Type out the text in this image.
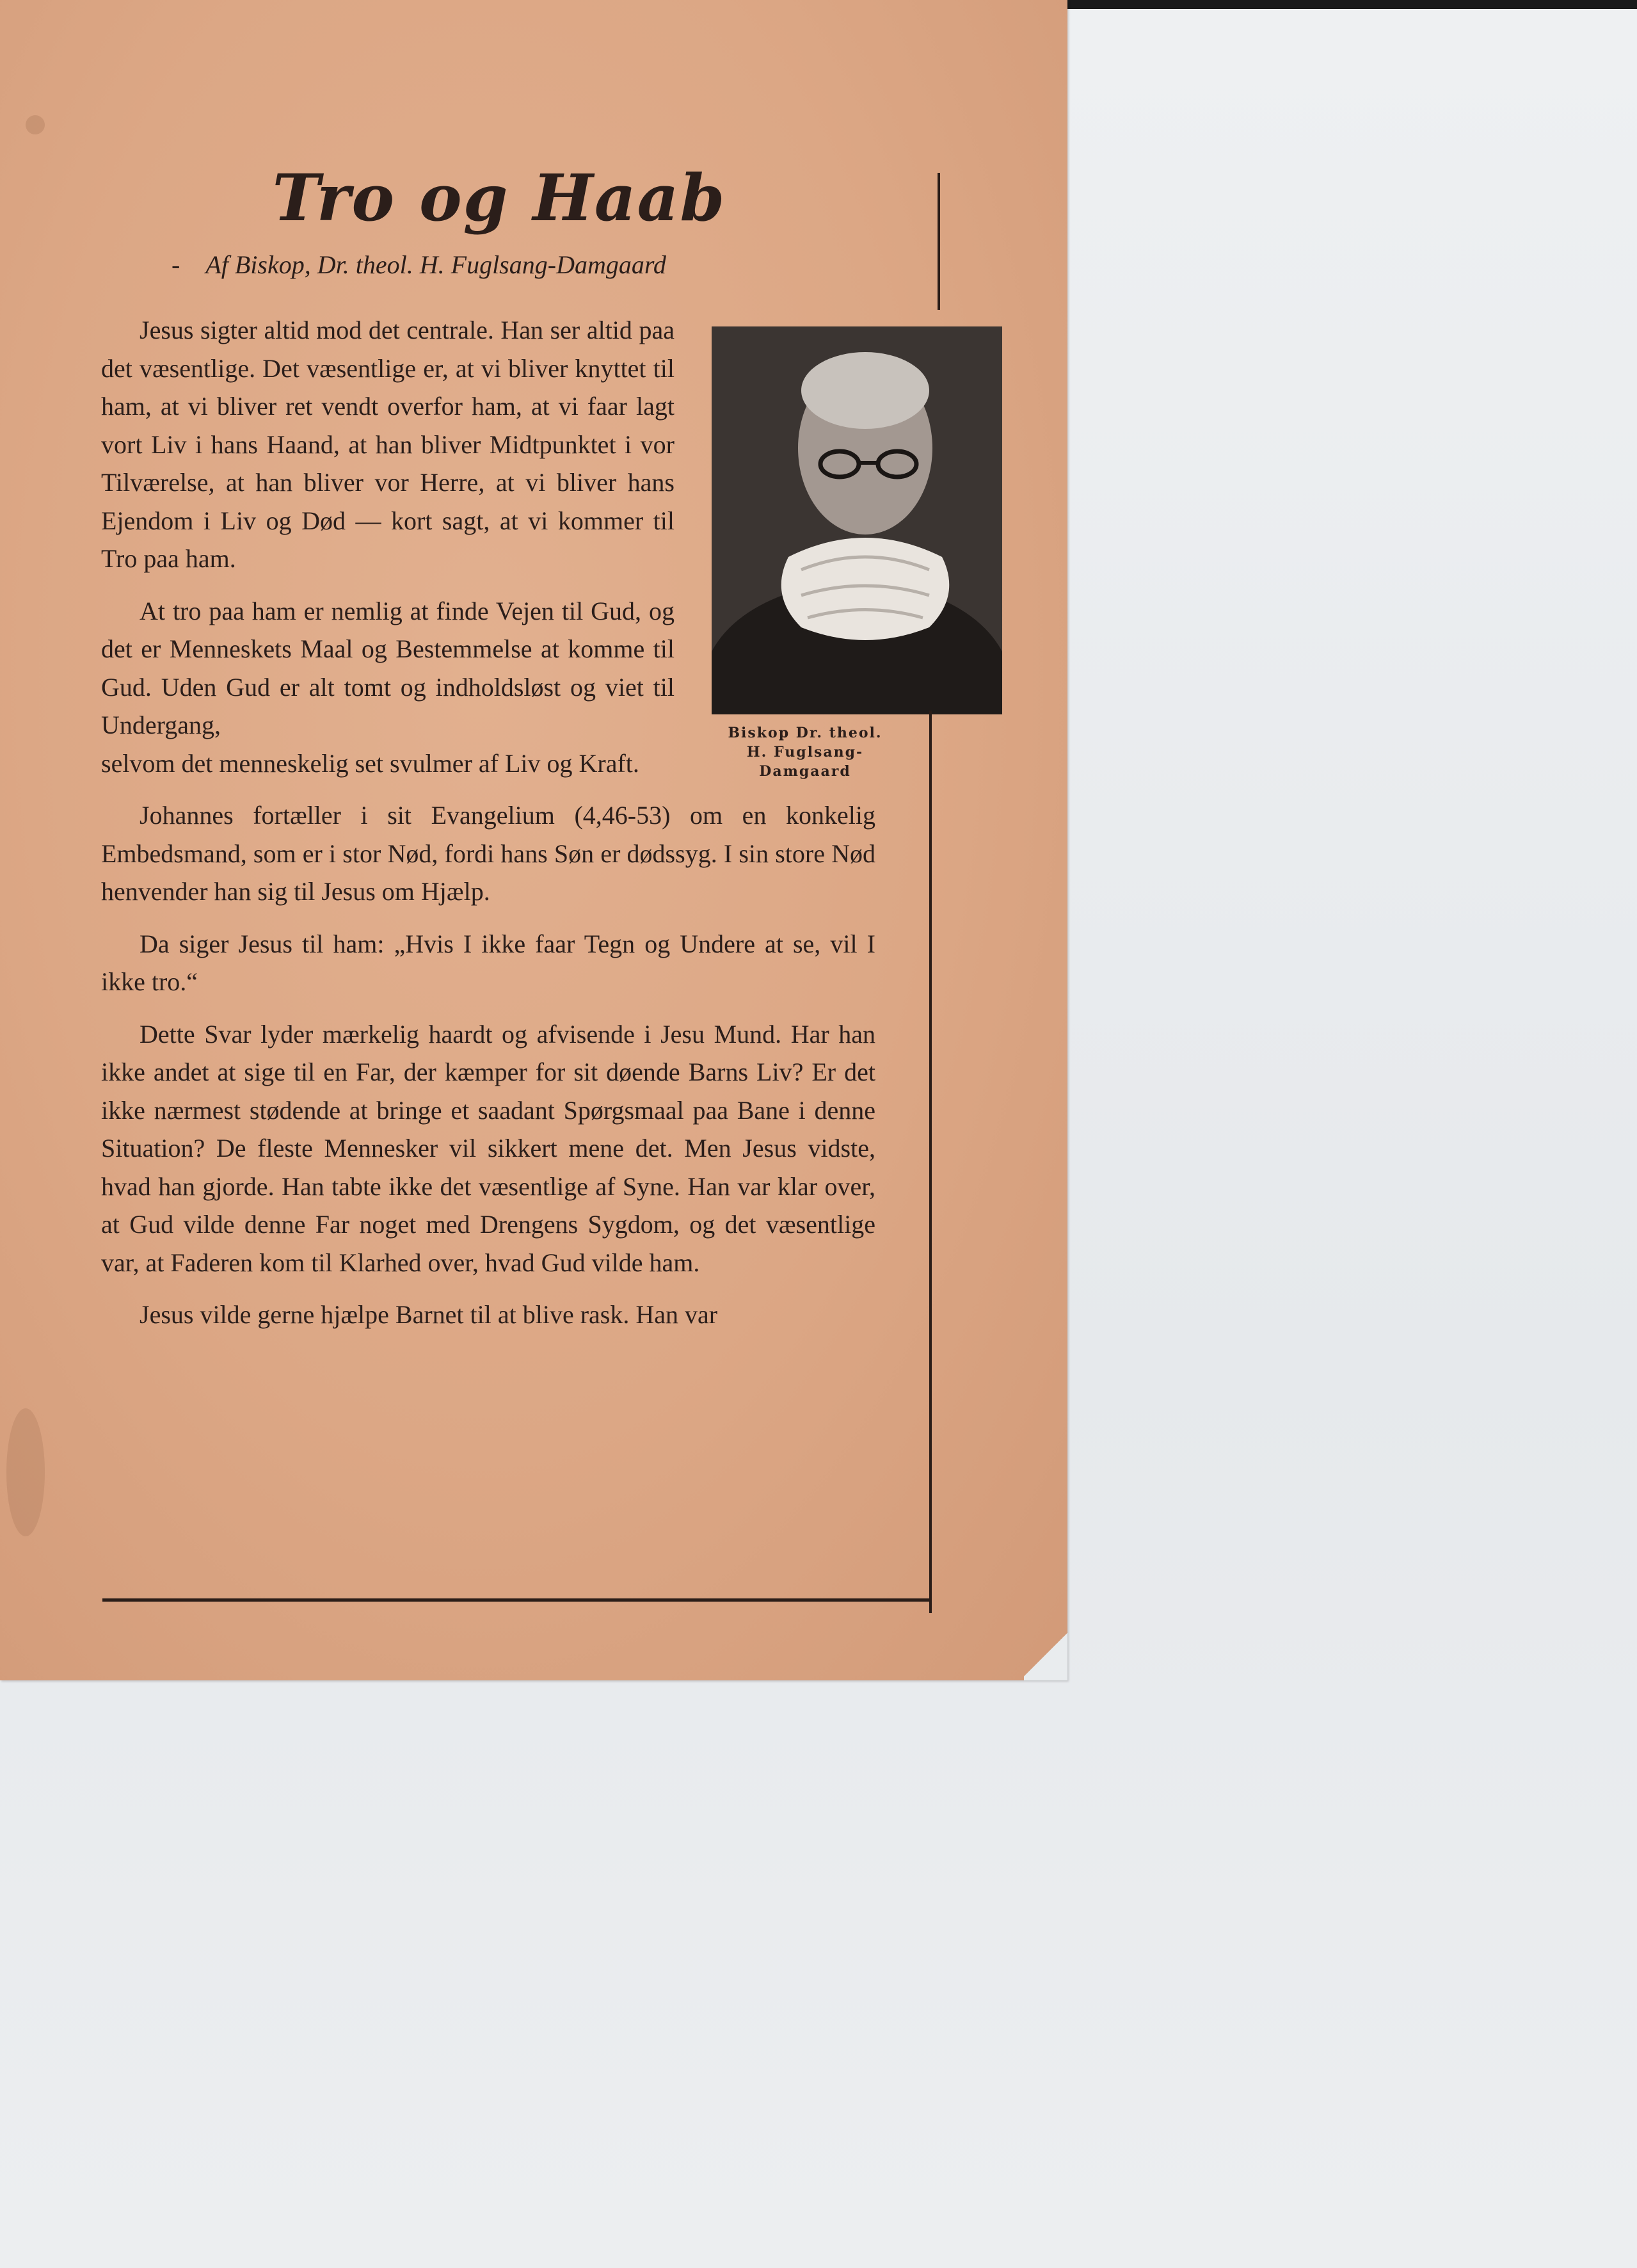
Tro og Haab
- Af Biskop, Dr. theol. H. Fuglsang-Damgaard
Biskop Dr. theol.
H. Fuglsang-
Damgaard

Jesus sigter altid mod det centrale. Han ser altid paa det væsentlige. Det væsentlige er, at vi bliver knyttet til ham, at vi bliver ret vendt overfor ham, at vi faar lagt vort Liv i hans Haand, at han bliver Midtpunktet i vor Tilværelse, at han bliver vor Herre, at vi bliver hans Ejendom i Liv og Død — kort sagt, at vi kommer til Tro paa ham.

At tro paa ham er nemlig at finde Vejen til Gud, og det er Menneskets Maal og Bestemmelse at komme til Gud. Uden Gud er alt tomt og indholdsløst og viet til Undergang,

selvom det menneskelig set svulmer af Liv og Kraft.

Johannes fortæller i sit Evangelium (4,46-53) om en konkelig Embedsmand, som er i stor Nød, fordi hans Søn er dødssyg. I sin store Nød henvender han sig til Jesus om Hjælp.

Da siger Jesus til ham: „Hvis I ikke faar Tegn og Undere at se, vil I ikke tro.“

Dette Svar lyder mærkelig haardt og afvisende i Jesu Mund. Har han ikke andet at sige til en Far, der kæmper for sit døende Barns Liv? Er det ikke nærmest stødende at bringe et saadant Spørgsmaal paa Bane i denne Situation? De fleste Mennesker vil sikkert mene det. Men Jesus vidste, hvad han gjorde. Han tabte ikke det væsentlige af Syne. Han var klar over, at Gud vilde denne Far noget med Drengens Sygdom, og det væsentlige var, at Faderen kom til Klarhed over, hvad Gud vilde ham.

Jesus vilde gerne hjælpe Barnet til at blive rask. Han var
